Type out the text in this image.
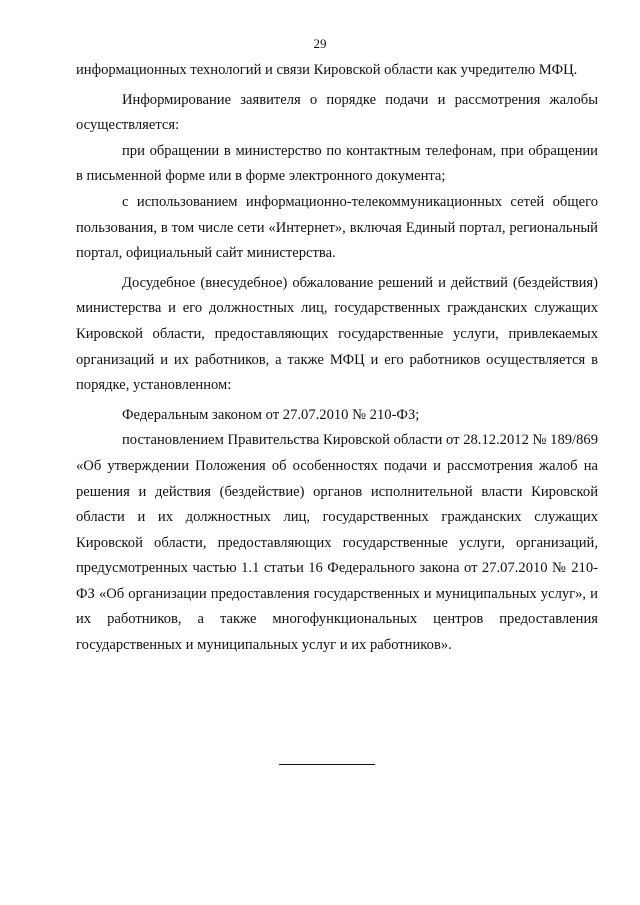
29

информационных технологий и связи Кировской области как учредителю МФЦ.

Информирование заявителя о порядке подачи и рассмотрения жалобы осуществляется:

при обращении в министерство по контактным телефонам, при обращении в письменной форме или в форме электронного документа;

с использованием информационно-телекоммуникационных сетей общего пользования, в том числе сети «Интернет», включая Единый портал, региональный портал, официальный сайт министерства.

Досудебное (внесудебное) обжалование решений и действий (бездействия) министерства и его должностных лиц, государственных гражданских служащих Кировской области, предоставляющих государственные услуги, привлекаемых организаций и их работников, а также МФЦ и его работников осуществляется в порядке, установленном:

Федеральным законом от 27.07.2010 № 210-ФЗ;

постановлением Правительства Кировской области от 28.12.2012 № 189/869 «Об утверждении Положения об особенностях подачи и рассмотрения жалоб на решения и действия (бездействие) органов исполнительной власти Кировской области и их должностных лиц, государственных гражданских служащих Кировской области, предоставляющих государственные услуги, организаций, предусмотренных частью 1.1 статьи 16 Федерального закона от 27.07.2010 № 210-ФЗ «Об организации предоставления государственных и муниципальных услуг», и их работников, а также многофункциональных центров предоставления государственных и муниципальных услуг и их работников».
